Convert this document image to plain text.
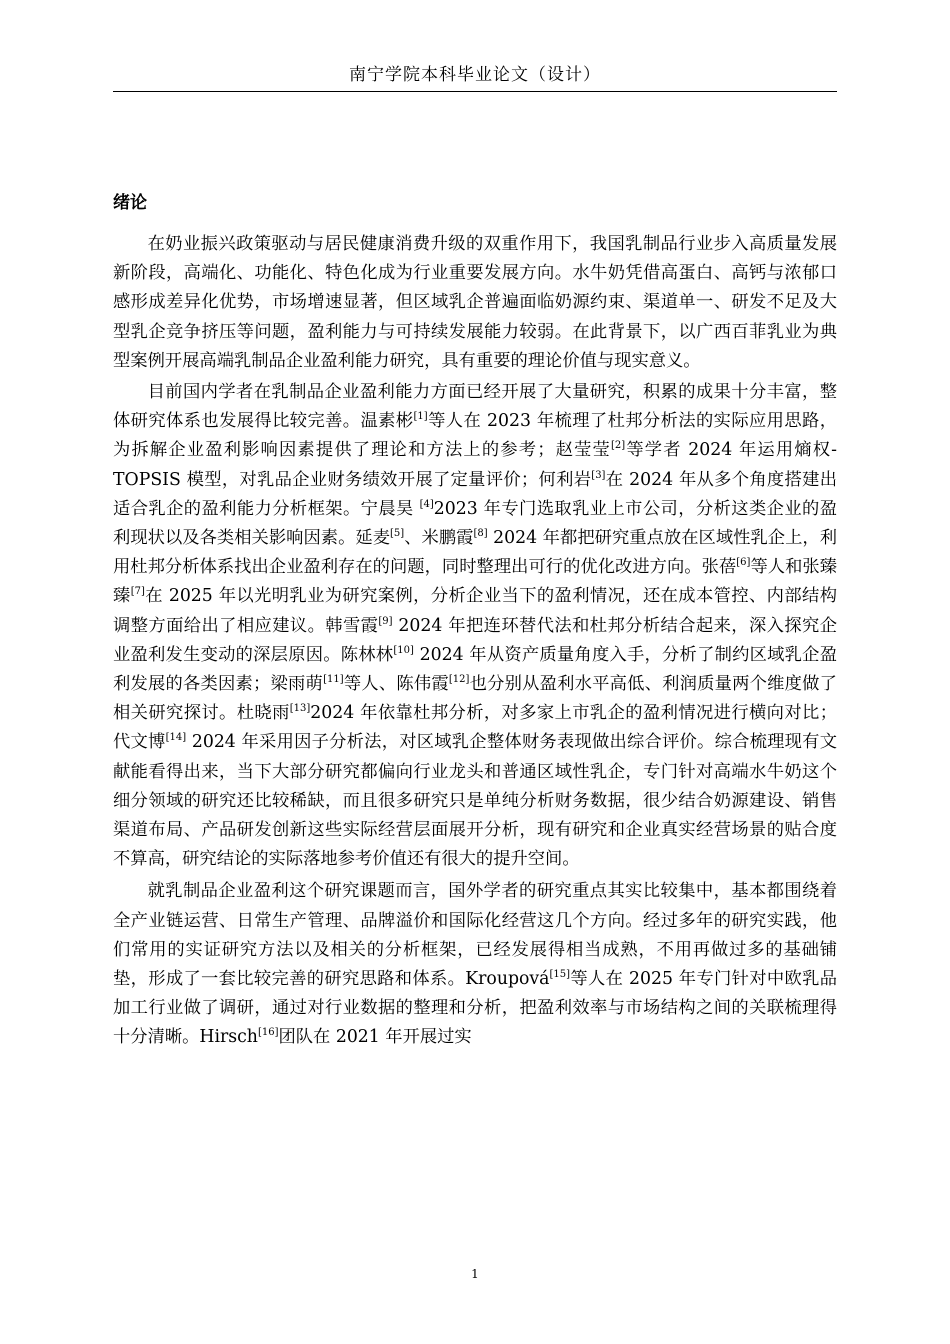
南宁学院本科毕业论文（设计）
绪论

在奶业振兴政策驱动与居民健康消费升级的双重作用下，我国乳制品行业步入高质量发展新阶段，高端化、功能化、特色化成为行业重要发展方向。水牛奶凭借高蛋白、高钙与浓郁口感形成差异化优势，市场增速显著，但区域乳企普遍面临奶源约束、渠道单一、研发不足及大型乳企竞争挤压等问题，盈利能力与可持续发展能力较弱。在此背景下，以广西百菲乳业为典型案例开展高端乳制品企业盈利能力研究，具有重要的理论价值与现实意义。

目前国内学者在乳制品企业盈利能力方面已经开展了大量研究，积累的成果十分丰富，整体研究体系也发展得比较完善。温素彬[1]等人在 2023 年梳理了杜邦分析法的实际应用思路，为拆解企业盈利影响因素提供了理论和方法上的参考；赵莹莹[2]等学者 2024 年运用熵权-TOPSIS 模型，对乳品企业财务绩效开展了定量评价；何利岩[3]在 2024 年从多个角度搭建出适合乳企的盈利能力分析框架。宁晨昊 [4]2023 年专门选取乳业上市公司，分析这类企业的盈利现状以及各类相关影响因素。延麦[5]、米鹏霞[8] 2024 年都把研究重点放在区域性乳企上，利用杜邦分析体系找出企业盈利存在的问题，同时整理出可行的优化改进方向。张蓓[6]等人和张臻臻[7]在 2025 年以光明乳业为研究案例，分析企业当下的盈利情况，还在成本管控、内部结构调整方面给出了相应建议。韩雪霞[9] 2024 年把连环替代法和杜邦分析结合起来，深入探究企业盈利发生变动的深层原因。陈林林[10] 2024 年从资产质量角度入手，分析了制约区域乳企盈利发展的各类因素；梁雨萌[11]等人、陈伟霞[12]也分别从盈利水平高低、利润质量两个维度做了相关研究探讨。杜晓雨[13]2024 年依靠杜邦分析，对多家上市乳企的盈利情况进行横向对比；代文博[14] 2024 年采用因子分析法，对区域乳企整体财务表现做出综合评价。综合梳理现有文献能看得出来，当下大部分研究都偏向行业龙头和普通区域性乳企，专门针对高端水牛奶这个细分领域的研究还比较稀缺，而且很多研究只是单纯分析财务数据，很少结合奶源建设、销售渠道布局、产品研发创新这些实际经营层面展开分析，现有研究和企业真实经营场景的贴合度不算高，研究结论的实际落地参考价值还有很大的提升空间。

就乳制品企业盈利这个研究课题而言，国外学者的研究重点其实比较集中，基本都围绕着全产业链运营、日常生产管理、品牌溢价和国际化经营这几个方向。经过多年的研究实践，他们常用的实证研究方法以及相关的分析框架，已经发展得相当成熟，不用再做过多的基础铺垫，形成了一套比较完善的研究思路和体系。Kroupová[15]等人在 2025 年专门针对中欧乳品加工行业做了调研，通过对行业数据的整理和分析，把盈利效率与市场结构之间的关联梳理得十分清晰。Hirsch[16]团队在 2021 年开展过实

1
